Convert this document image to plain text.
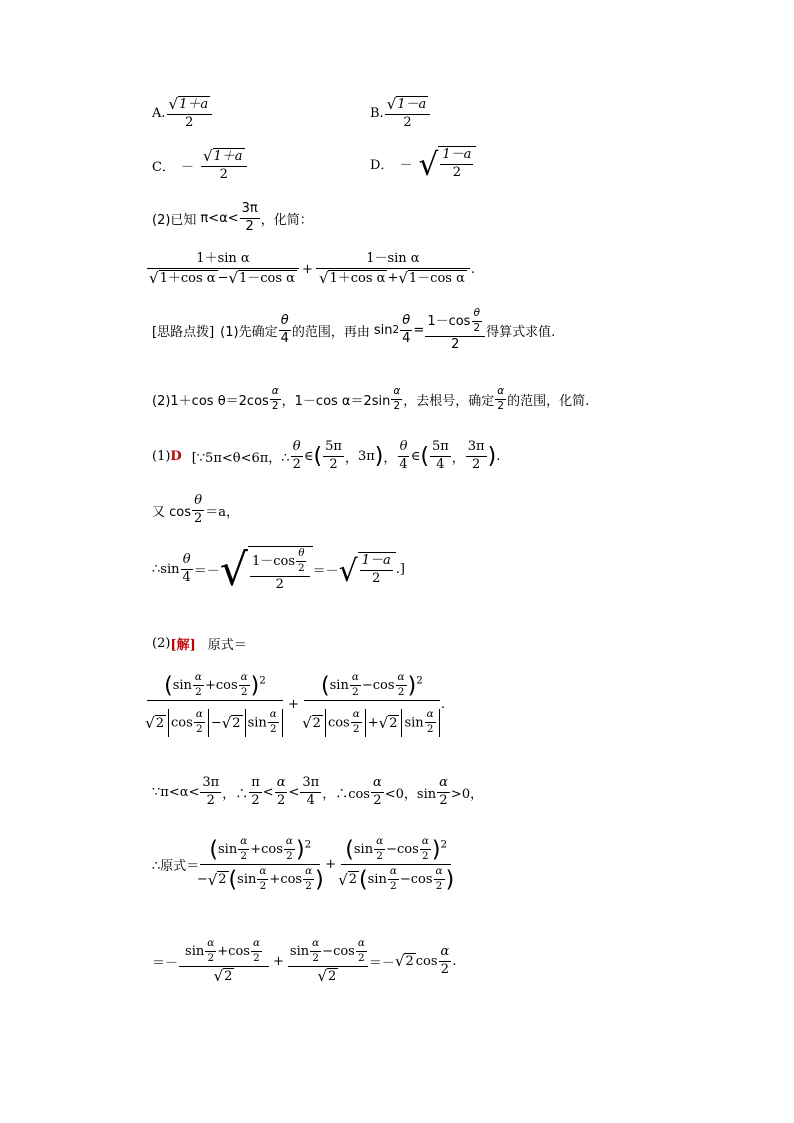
A. √ 1＋a
2
B. √ 1－a
2
C． －
√ 1＋a
2
D． － √ $\frac{1-a}{2}$
(2)已知 π<α<
3π
2 ，化简：
1＋sin α
√ 1＋cos α − √ 1－cos α
+ $\frac{\text{1－sin α}}{\text{√ 1＋cos α + √ 1－cos α}}$ .
[思路点拨] (1)先确定
θ
4 的范围，再由 $\sin 2 \frac{\theta}{4} = \frac{1-\cos \frac{\theta}{2}}{2}$ 得算式求值.
(2)1＋cos θ＝2cos
α
2 ，1－cos α＝2sin
α
2 ，去根号，确定
α
2 的范围，化简.
(1) D [∵5π<θ<6π，∴
θ
2
∈ ( 5π
2 ， 3π ) ，
θ
4
∈ ( 5π
4 ，
3π
2 ) .
又 cos
θ
2 ＝a，
∴sin
θ
4 ＝－ √ $\frac{1-\cos \frac{\theta}{2}}{2}$ ＝－ √ $\frac{1-a}{2}$ .]
(2) [解] 原式＝
$(\sin \frac{\alpha}{2} +\cos \frac{\alpha}{2} )^2$
√ 2 $\cos \frac{\alpha}{2}$ − √ 2 $\sin \frac{\alpha}{2}$
+ $\frac{(\sin \frac{\alpha}{2} -\cos \frac{\alpha}{2} )^2}{√ 2 \cos \frac{\alpha}{2} + √ 2 \sin \frac{\alpha}{2}}$ .
∵π<α<
3π
2 ，∴
π
2
<
α
2
<
3π
4 ，∴cos
α
2 <0，sin
α
2 >0，
∴原式＝
$(\sin \frac{\alpha}{2} +\cos \frac{\alpha}{2} )^2$
− √ 2 ($\sin \frac{\alpha}{2} +\cos \frac{\alpha}{2}$ )
+ $\frac{(\sin \frac{\alpha}{2} -\cos \frac{\alpha}{2} )^2}{√ 2 (\sin \frac{\alpha}{2} -\cos \frac{\alpha}{2} )}$
＝－
$\sin \frac{\alpha}{2} +\cos \frac{\alpha}{2}$
√ 2
+ $\frac{\sin \frac{\alpha}{2} -\cos \frac{\alpha}{2}}{√ 2}$ ＝－ √ 2 cos
α
2
.
